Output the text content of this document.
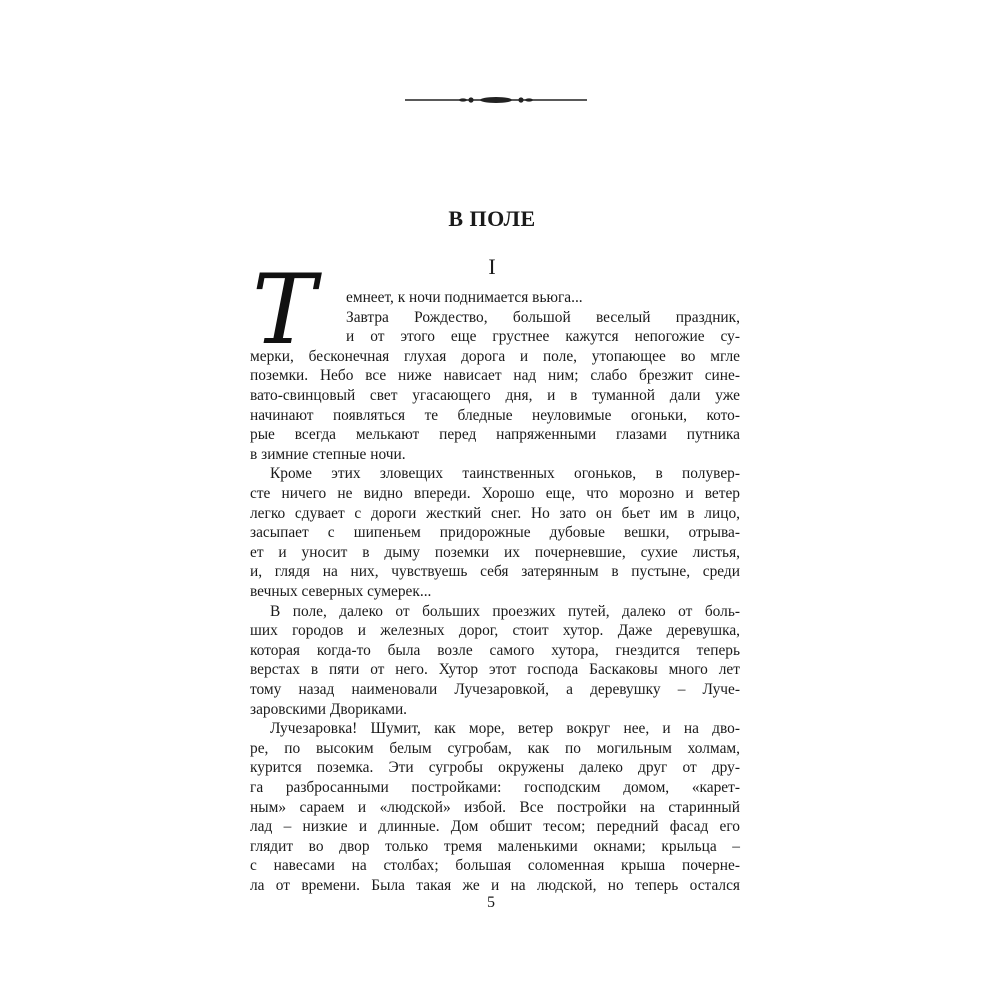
В ПОЛЕ
I
Т емнеет, к ночи поднимается вьюга...
Завтра Рождество, большой веселый праздник,
и от этого еще грустнее кажутся непогожие су-
мерки, бесконечная глухая дорога и поле, утопающее во мгле
поземки. Небо все ниже нависает над ним; слабо брезжит сине-
вато-свинцовый свет угасающего дня, и в туманной дали уже
начинают появляться те бледные неуловимые огоньки, кото-
рые всегда мелькают перед напряженными глазами путника
в зимние степные ночи.
Кроме этих зловещих таинственных огоньков, в полувер-
сте ничего не видно впереди. Хорошо еще, что морозно и ветер
легко сдувает с дороги жесткий снег. Но зато он бьет им в лицо,
засыпает с шипеньем придорожные дубовые вешки, отрыва-
ет и уносит в дыму поземки их почерневшие, сухие листья,
и, глядя на них, чувствуешь себя затерянным в пустыне, среди
вечных северных сумерек...
В поле, далеко от больших проезжих путей, далеко от боль-
ших городов и железных дорог, стоит хутор. Даже деревушка,
которая когда-то была возле самого хутора, гнездится теперь
верстах в пяти от него. Хутор этот господа Баскаковы много лет
тому назад наименовали Лучезаровкой, а деревушку – Луче-
заровскими Двориками.
Лучезаровка! Шумит, как море, ветер вокруг нее, и на дво-
ре, по высоким белым сугробам, как по могильным холмам,
курится поземка. Эти сугробы окружены далеко друг от дру-
га разбросанными постройками: господским домом, «карет-
ным» сараем и «людской» избой. Все постройки на старинный
лад – низкие и длинные. Дом обшит тесом; передний фасад его
глядит во двор только тремя маленькими окнами; крыльца –
с навесами на столбах; большая соломенная крыша почерне-
ла от времени. Была такая же и на людской, но теперь остался
5
